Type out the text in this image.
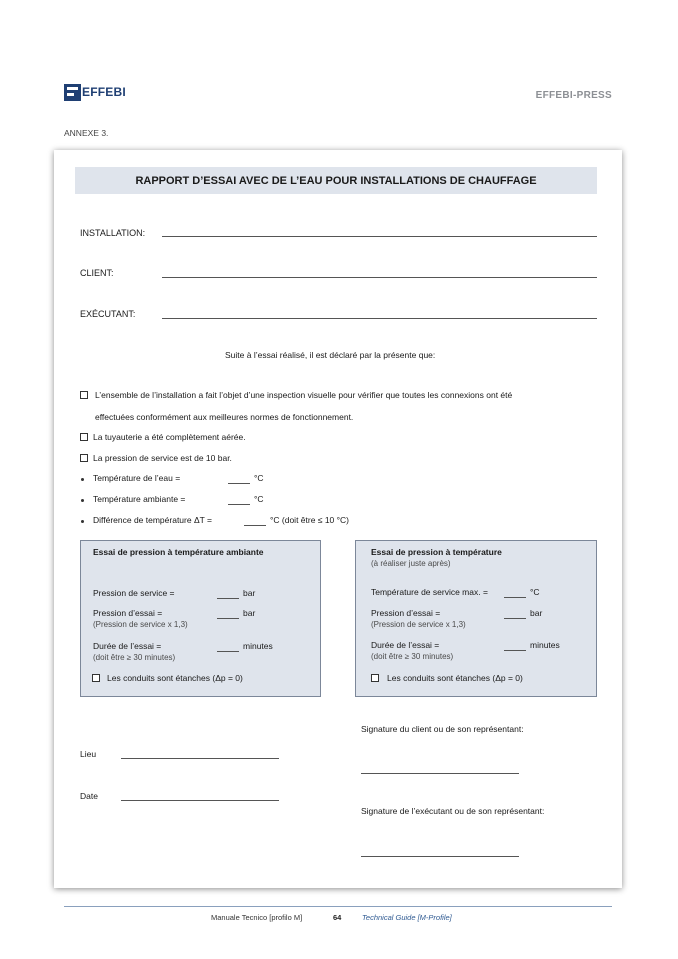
EFFEBI	EFFEBI-PRESS
ANNEXE 3.
RAPPORT D’ESSAI AVEC DE L’EAU POUR INSTALLATIONS DE CHAUFFAGE
INSTALLATION:
CLIENT:
EXÉCUTANT:
Suite à l’essai réalisé, il est déclaré par la présente que:
L’ensemble de l’installation a fait l’objet d’une inspection visuelle pour vérifier que toutes les connexions ont été
effectuées conformément aux meilleures normes de fonctionnement.
La tuyauterie a été complètement aérée.
La pression de service est de 10 bar.
Température de l’eau =	°C
Température ambiante =	°C
Différence de température ΔT =	°C (doit être ≤ 10 °C)
Essai de pression à température ambiante
Pression de service =	bar
Pression d’essai =	bar
(Pression de service x 1,3)
Durée de l’essai =	minutes
(doit être ≥ 30 minutes)
Les conduits sont étanches (Δp = 0)
Essai de pression à température
(à réaliser juste après)
Température de service max. =	°C
Pression d’essai =	bar
(Pression de service x 1,3)
Durée de l’essai =	minutes
(doit être ≥ 30 minutes)
Les conduits sont étanches (Δp = 0)
Signature du client ou de son représentant:
Lieu
Date
Signature de l’exécutant ou de son représentant:
Manuale Tecnico [profilo M]	64	Technical Guide [M-Profile]
